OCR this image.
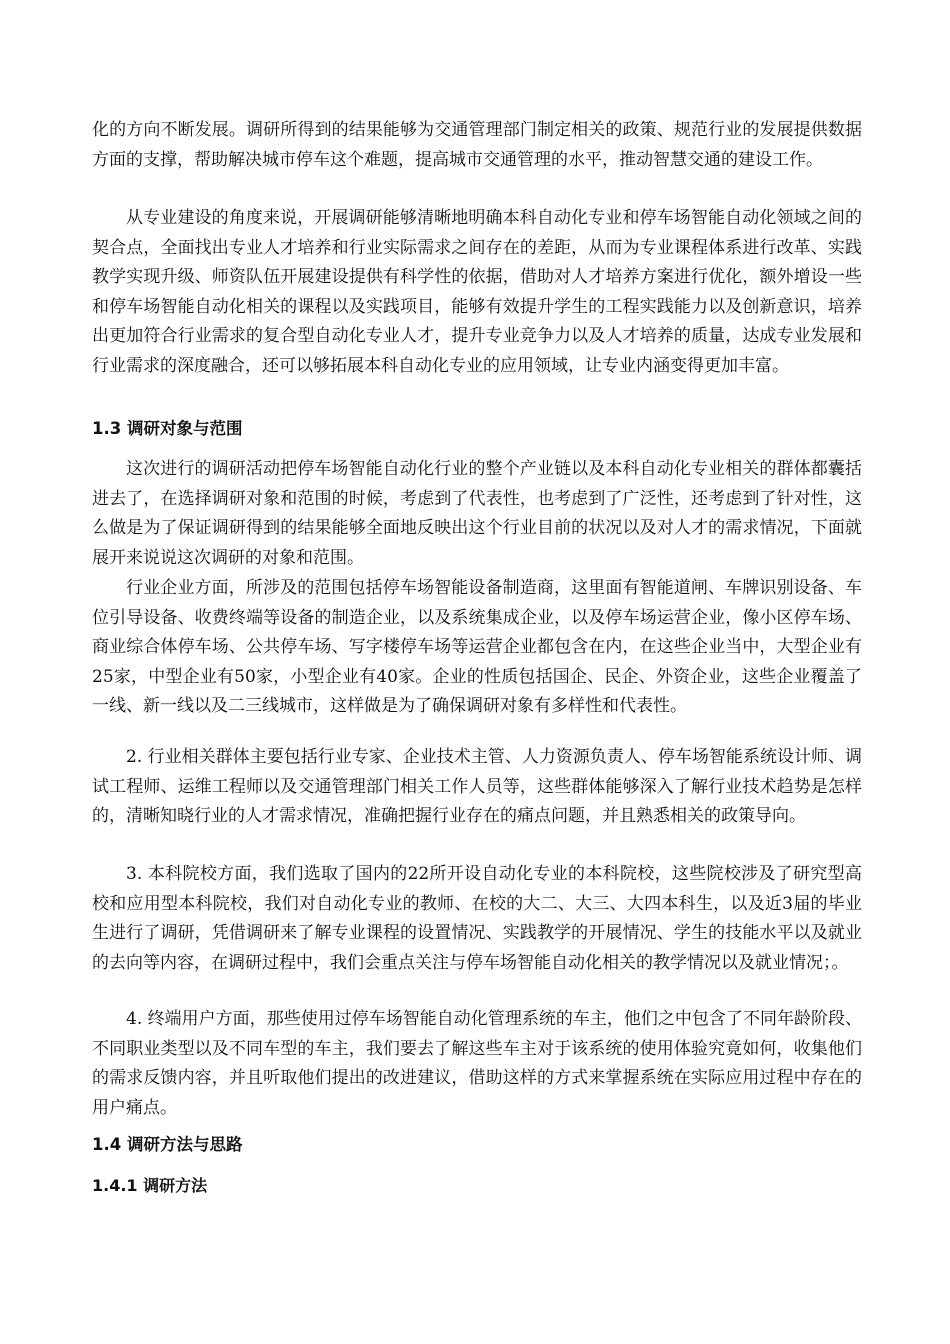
化的方向不断发展。调研所得到的结果能够为交通管理部门制定相关的政策、规范行业的发展提供数据方面的支撑，帮助解决城市停车这个难题，提高城市交通管理的水平，推动智慧交通的建设工作。

从专业建设的角度来说，开展调研能够清晰地明确本科自动化专业和停车场智能自动化领域之间的契合点，全面找出专业人才培养和行业实际需求之间存在的差距，从而为专业课程体系进行改革、实践教学实现升级、师资队伍开展建设提供有科学性的依据，借助对人才培养方案进行优化，额外增设一些和停车场智能自动化相关的课程以及实践项目，能够有效提升学生的工程实践能力以及创新意识，培养出更加符合行业需求的复合型自动化专业人才，提升专业竞争力以及人才培养的质量，达成专业发展和行业需求的深度融合，还可以够拓展本科自动化专业的应用领域，让专业内涵变得更加丰富。

1.3 调研对象与范围

这次进行的调研活动把停车场智能自动化行业的整个产业链以及本科自动化专业相关的群体都囊括进去了，在选择调研对象和范围的时候，考虑到了代表性，也考虑到了广泛性，还考虑到了针对性，这么做是为了保证调研得到的结果能够全面地反映出这个行业目前的状况以及对人才的需求情况，下面就展开来说说这次调研的对象和范围。

行业企业方面，所涉及的范围包括停车场智能设备制造商，这里面有智能道闸、车牌识别设备、车位引导设备、收费终端等设备的制造企业，以及系统集成企业，以及停车场运营企业，像小区停车场、商业综合体停车场、公共停车场、写字楼停车场等运营企业都包含在内，在这些企业当中，大型企业有25家，中型企业有50家，小型企业有40家。企业的性质包括国企、民企、外资企业，这些企业覆盖了一线、新一线以及二三线城市，这样做是为了确保调研对象有多样性和代表性。

2. 行业相关群体主要包括行业专家、企业技术主管、人力资源负责人、停车场智能系统设计师、调试工程师、运维工程师以及交通管理部门相关工作人员等，这些群体能够深入了解行业技术趋势是怎样的，清晰知晓行业的人才需求情况，准确把握行业存在的痛点问题，并且熟悉相关的政策导向。

3. 本科院校方面，我们选取了国内的22所开设自动化专业的本科院校，这些院校涉及了研究型高校和应用型本科院校，我们对自动化专业的教师、在校的大二、大三、大四本科生，以及近3届的毕业生进行了调研，凭借调研来了解专业课程的设置情况、实践教学的开展情况、学生的技能水平以及就业的去向等内容，在调研过程中，我们会重点关注与停车场智能自动化相关的教学情况以及就业情况；。

4. 终端用户方面，那些使用过停车场智能自动化管理系统的车主，他们之中包含了不同年龄阶段、不同职业类型以及不同车型的车主，我们要去了解这些车主对于该系统的使用体验究竟如何，收集他们的需求反馈内容，并且听取他们提出的改进建议，借助这样的方式来掌握系统在实际应用过程中存在的用户痛点。

1.4 调研方法与思路
1.4.1 调研方法
